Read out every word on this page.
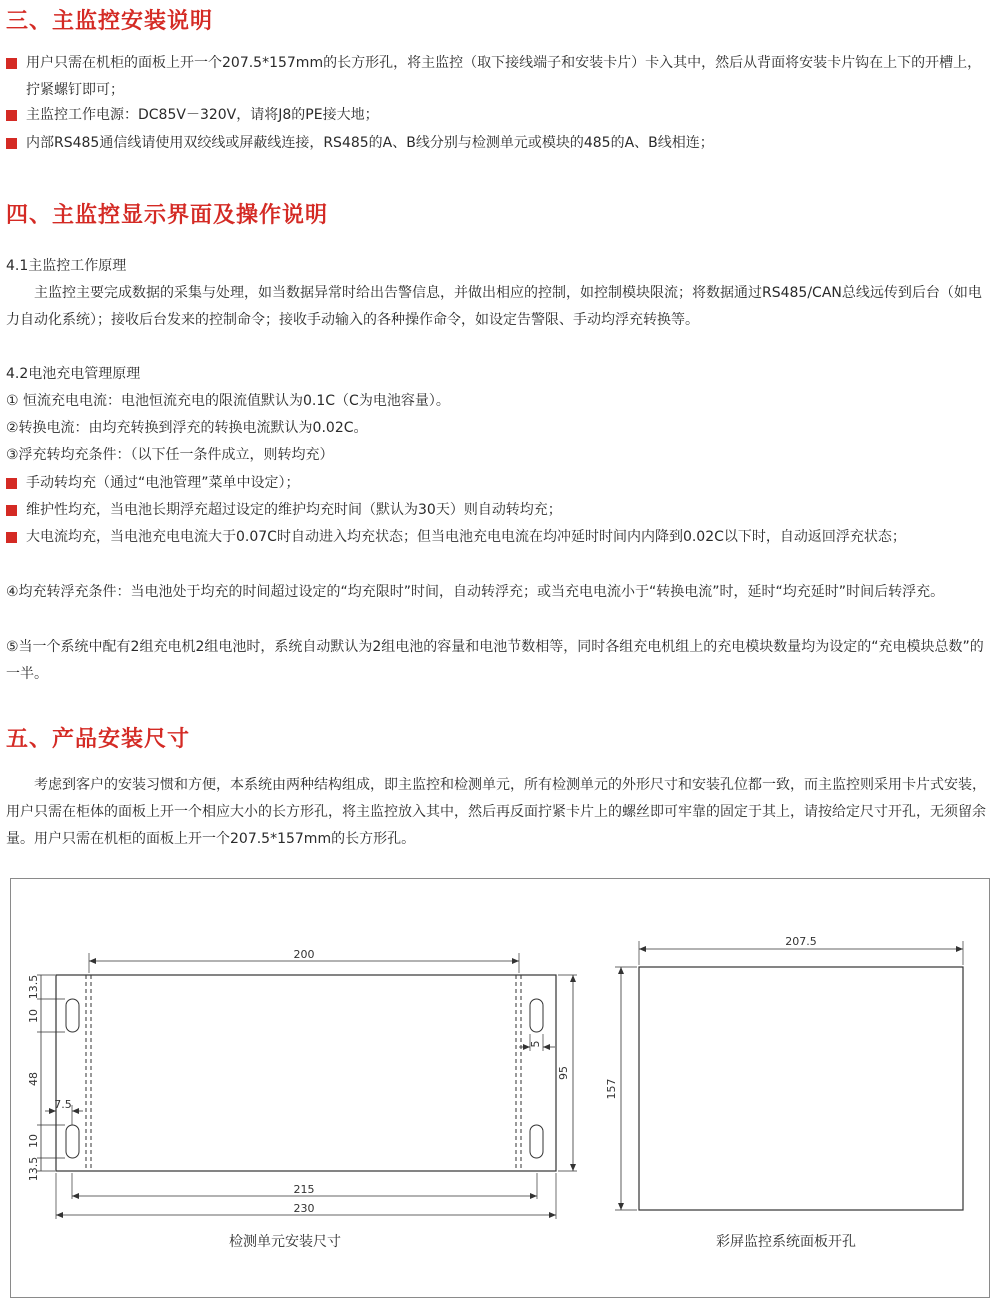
三、主监控安装说明
用户只需在机柜的面板上开一个207.5*157mm的长方形孔，将主监控（取下接线端子和安装卡片）卡入其中，然后从背面将安装卡片钩在上下的开槽上，拧紧螺钉即可；
主监控工作电源：DC85V－320V，请将J8的PE接大地；
内部RS485通信线请使用双绞线或屏蔽线连接，RS485的A、B线分别与检测单元或模块的485的A、B线相连；
四、主监控显示界面及操作说明

4.1主监控工作原理

主监控主要完成数据的采集与处理，如当数据异常时给出告警信息，并做出相应的控制，如控制模块限流；将数据通过RS485/CAN总线远传到后台（如电力自动化系统）；接收后台发来的控制命令；接收手动输入的各种操作命令，如设定告警限、手动均浮充转换等。

4.2电池充电管理原理

① 恒流充电电流：电池恒流充电的限流值默认为0.1C（C为电池容量）。

②转换电流：由均充转换到浮充的转换电流默认为0.02C。

③浮充转均充条件：（以下任一条件成立，则转均充）

手动转均充（通过“电池管理”菜单中设定）；
维护性均充，当电池长期浮充超过设定的维护均充时间（默认为30天）则自动转均充；
大电流均充，当电池充电电流大于0.07C时自动进入均充状态；但当电池充电电流在均冲延时时间内内降到0.02C以下时，自动返回浮充状态；

④均充转浮充条件：当电池处于均充的时间超过设定的“均充限时”时间，自动转浮充；或当充电电流小于“转换电流”时，延时“均充延时”时间后转浮充。

⑤当一个系统中配有2组充电机2组电池时，系统自动默认为2组电池的容量和电池节数相等，同时各组充电机组上的充电模块数量均为设定的“充电模块总数”的一半。

五、产品安装尺寸

考虑到客户的安装习惯和方便，本系统由两种结构组成，即主监控和检测单元，所有检测单元的外形尺寸和安装孔位都一致，而主监控则采用卡片式安装，用户只需在柜体的面板上开一个相应大小的长方形孔，将主监控放入其中，然后再反面拧紧卡片上的螺丝即可牢靠的固定于其上，请按给定尺寸开孔，无须留余量。用户只需在机柜的面板上开一个207.5*157mm的长方形孔。

200
215
230
95
5
7.5
13.5
10
48
10
13.5
207.5
157
检测单元安装尺寸	彩屏监控系统面板开孔
